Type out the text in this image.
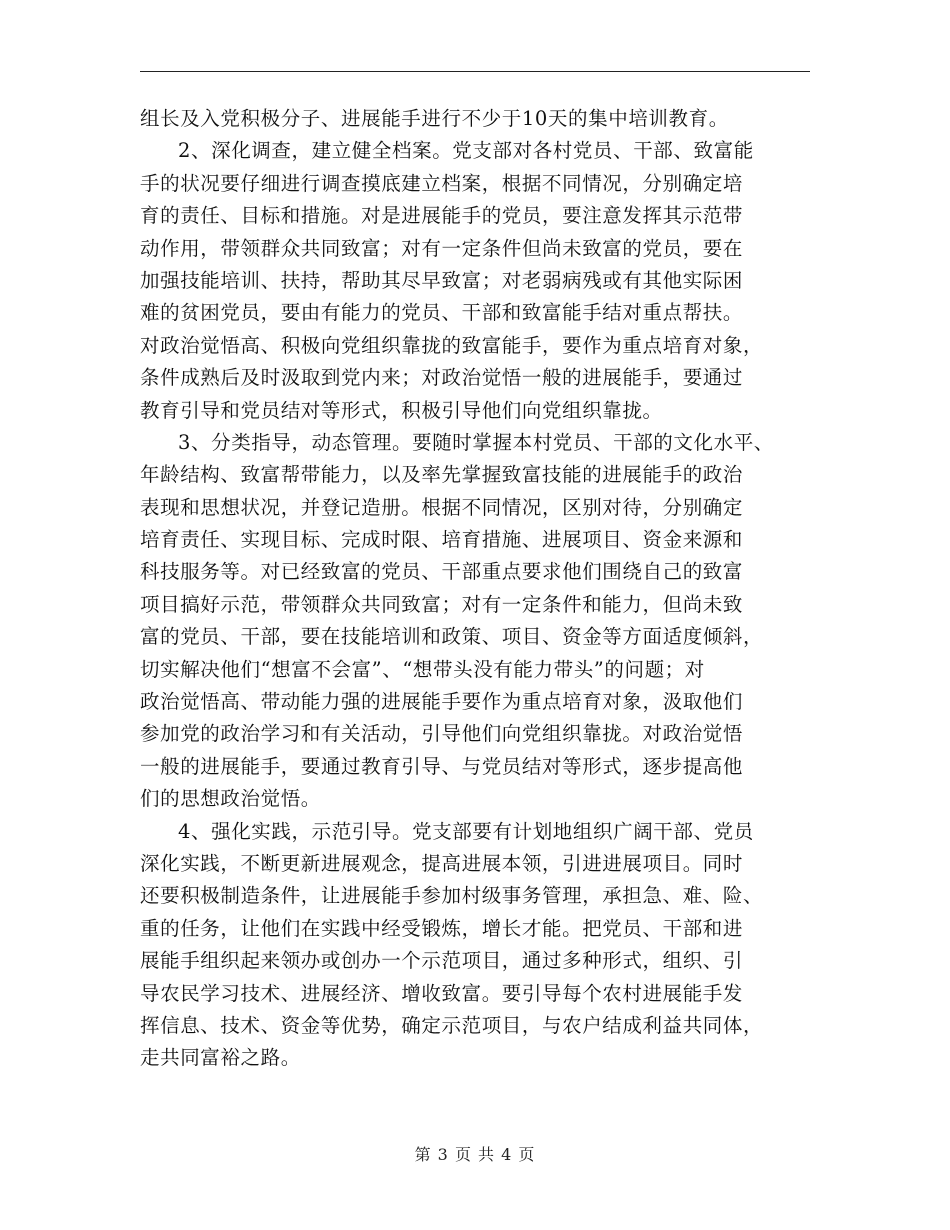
组长及入党积极分子、进展能手进行不少于10天的集中培训教育。
2、深化调查，建立健全档案。党支部对各村党员、干部、致富能
手的状况要仔细进行调查摸底建立档案，根据不同情况，分别确定培
育的责任、目标和措施。对是进展能手的党员，要注意发挥其示范带
动作用，带领群众共同致富；对有一定条件但尚未致富的党员，要在
加强技能培训、扶持，帮助其尽早致富；对老弱病残或有其他实际困
难的贫困党员，要由有能力的党员、干部和致富能手结对重点帮扶。
对政治觉悟高、积极向党组织靠拢的致富能手，要作为重点培育对象，
条件成熟后及时汲取到党内来；对政治觉悟一般的进展能手，要通过
教育引导和党员结对等形式，积极引导他们向党组织靠拢。
3、分类指导，动态管理。要随时掌握本村党员、干部的文化水平、
年龄结构、致富帮带能力，以及率先掌握致富技能的进展能手的政治
表现和思想状况，并登记造册。根据不同情况，区别对待，分别确定
培育责任、实现目标、完成时限、培育措施、进展项目、资金来源和
科技服务等。对已经致富的党员、干部重点要求他们围绕自己的致富
项目搞好示范，带领群众共同致富；对有一定条件和能力，但尚未致
富的党员、干部，要在技能培训和政策、项目、资金等方面适度倾斜，
切实解决他们“想富不会富”、“想带头没有能力带头”的问题；对
政治觉悟高、带动能力强的进展能手要作为重点培育对象，汲取他们
参加党的政治学习和有关活动，引导他们向党组织靠拢。对政治觉悟
一般的进展能手，要通过教育引导、与党员结对等形式，逐步提高他
们的思想政治觉悟。
4、强化实践，示范引导。党支部要有计划地组织广阔干部、党员
深化实践，不断更新进展观念，提高进展本领，引进进展项目。同时
还要积极制造条件，让进展能手参加村级事务管理，承担急、难、险、
重的任务，让他们在实践中经受锻炼，增长才能。把党员、干部和进
展能手组织起来领办或创办一个示范项目，通过多种形式，组织、引
导农民学习技术、进展经济、增收致富。要引导每个农村进展能手发
挥信息、技术、资金等优势，确定示范项目，与农户结成利益共同体，
走共同富裕之路。
第 3 页 共 4 页
